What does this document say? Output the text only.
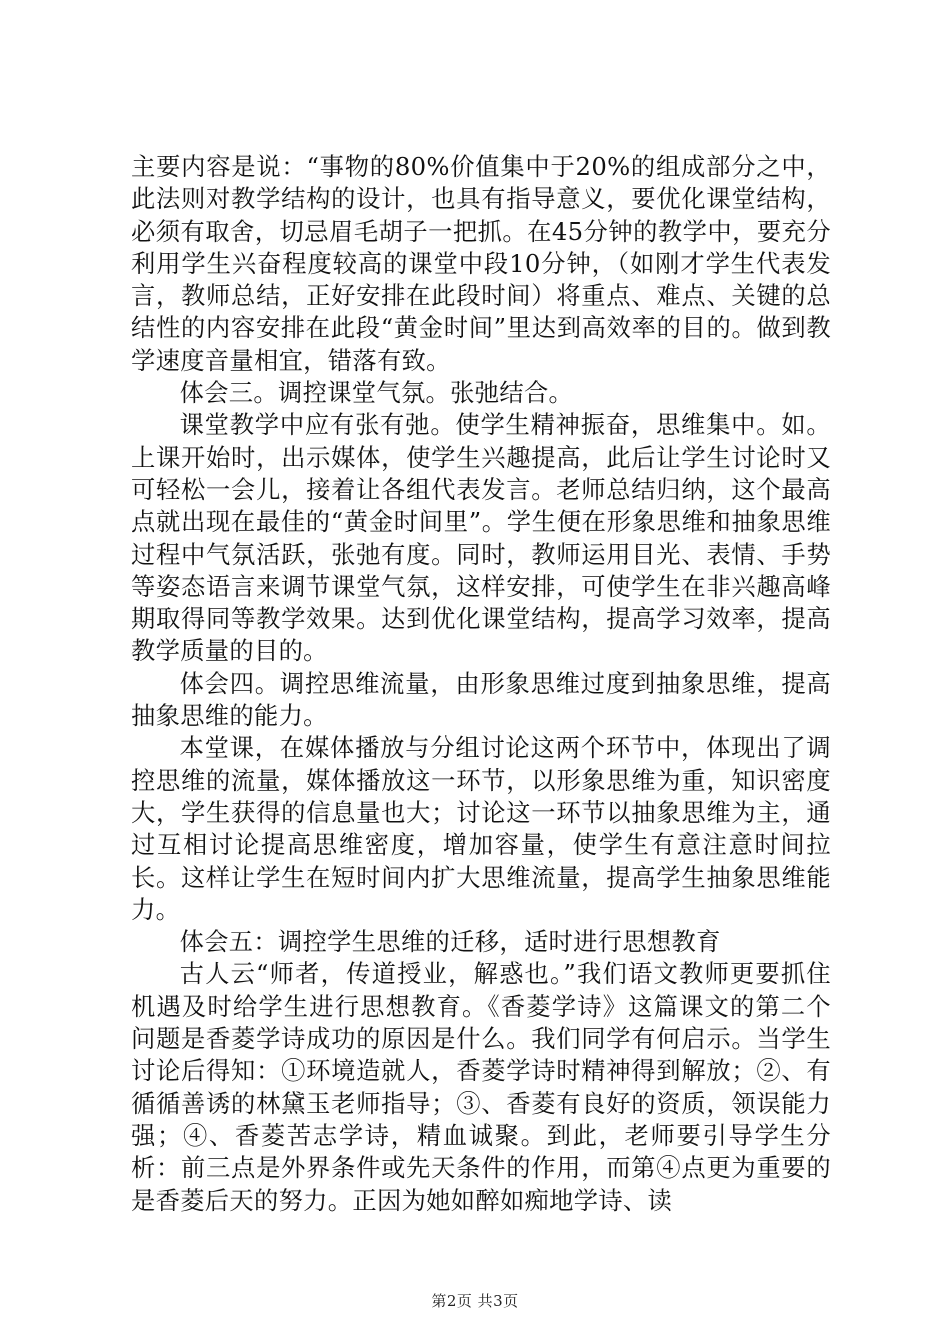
主要内容是说：“事物的80%价值集中于20%的组成部分之中，此法则对教学结构的设计，也具有指导意义，要优化课堂结构，必须有取舍，切忌眉毛胡子一把抓。在45分钟的教学中，要充分利用学生兴奋程度较高的课堂中段10分钟，（如刚才学生代表发言，教师总结，正好安排在此段时间）将重点、难点、关键的总结性的内容安排在此段“黄金时间”里达到高效率的目的。做到教学速度音量相宜，错落有致。

体会三。调控课堂气氛。张弛结合。

课堂教学中应有张有弛。使学生精神振奋，思维集中。如。上课开始时，出示媒体，使学生兴趣提高，此后让学生讨论时又可轻松一会儿，接着让各组代表发言。老师总结归纳，这个最高点就出现在最佳的“黄金时间里”。学生便在形象思维和抽象思维过程中气氛活跃，张弛有度。同时，教师运用目光、表情、手势等姿态语言来调节课堂气氛，这样安排，可使学生在非兴趣高峰期取得同等教学效果。达到优化课堂结构，提高学习效率，提高教学质量的目的。

体会四。调控思维流量，由形象思维过度到抽象思维，提高抽象思维的能力。

本堂课，在媒体播放与分组讨论这两个环节中，体现出了调控思维的流量，媒体播放这一环节，以形象思维为重，知识密度大，学生获得的信息量也大；讨论这一环节以抽象思维为主，通过互相讨论提高思维密度，增加容量，使学生有意注意时间拉长。这样让学生在短时间内扩大思维流量，提高学生抽象思维能力。

体会五：调控学生思维的迁移，适时进行思想教育

古人云“师者，传道授业，解惑也。”我们语文教师更要抓住机遇及时给学生进行思想教育。《香菱学诗》这篇课文的第二个问题是香菱学诗成功的原因是什么。我们同学有何启示。当学生讨论后得知：①环境造就人，香菱学诗时精神得到解放；②、有循循善诱的林黛玉老师指导；③、香菱有良好的资质，领误能力强；④、香菱苦志学诗，精血诚聚。到此，老师要引导学生分析：前三点是外界条件或先天条件的作用，而第④点更为重要的是香菱后天的努力。正因为她如醉如痴地学诗、读

第2页 共3页
